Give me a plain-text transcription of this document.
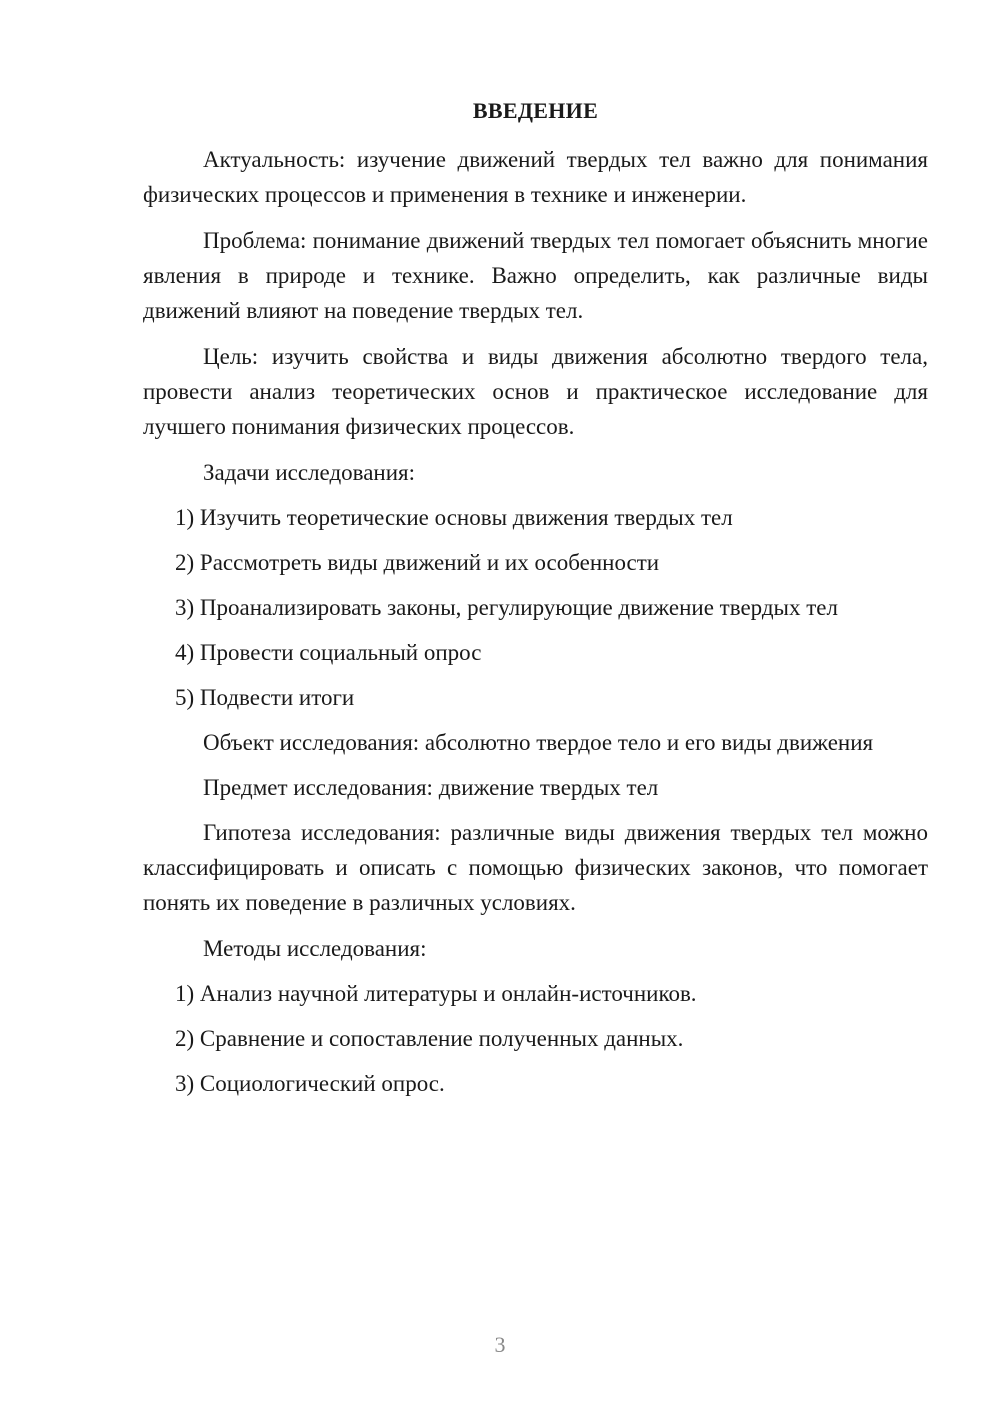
ВВЕДЕНИЕ

Актуальность: изучение движений твердых тел важно для понимания физических процессов и применения в технике и инженерии.

Проблема: понимание движений твердых тел помогает объяснить многие явления в природе и технике. Важно определить, как различные виды движений влияют на поведение твердых тел.

Цель: изучить свойства и виды движения абсолютно твердого тела, провести анализ теоретических основ и практическое исследование для лучшего понимания физических процессов.

Задачи исследования:

1) Изучить теоретические основы движения твердых тел

2) Рассмотреть виды движений и их особенности

3) Проанализировать законы, регулирующие движение твердых тел

4) Провести социальный опрос

5) Подвести итоги

Объект исследования: абсолютно твердое тело и его виды движения

Предмет исследования: движение твердых тел

Гипотеза исследования: различные виды движения твердых тел можно классифицировать и описать с помощью физических законов, что помогает понять их поведение в различных условиях.

Методы исследования:

1) Анализ научной литературы и онлайн-источников.

2) Сравнение и сопоставление полученных данных.

3) Социологический опрос.

3
